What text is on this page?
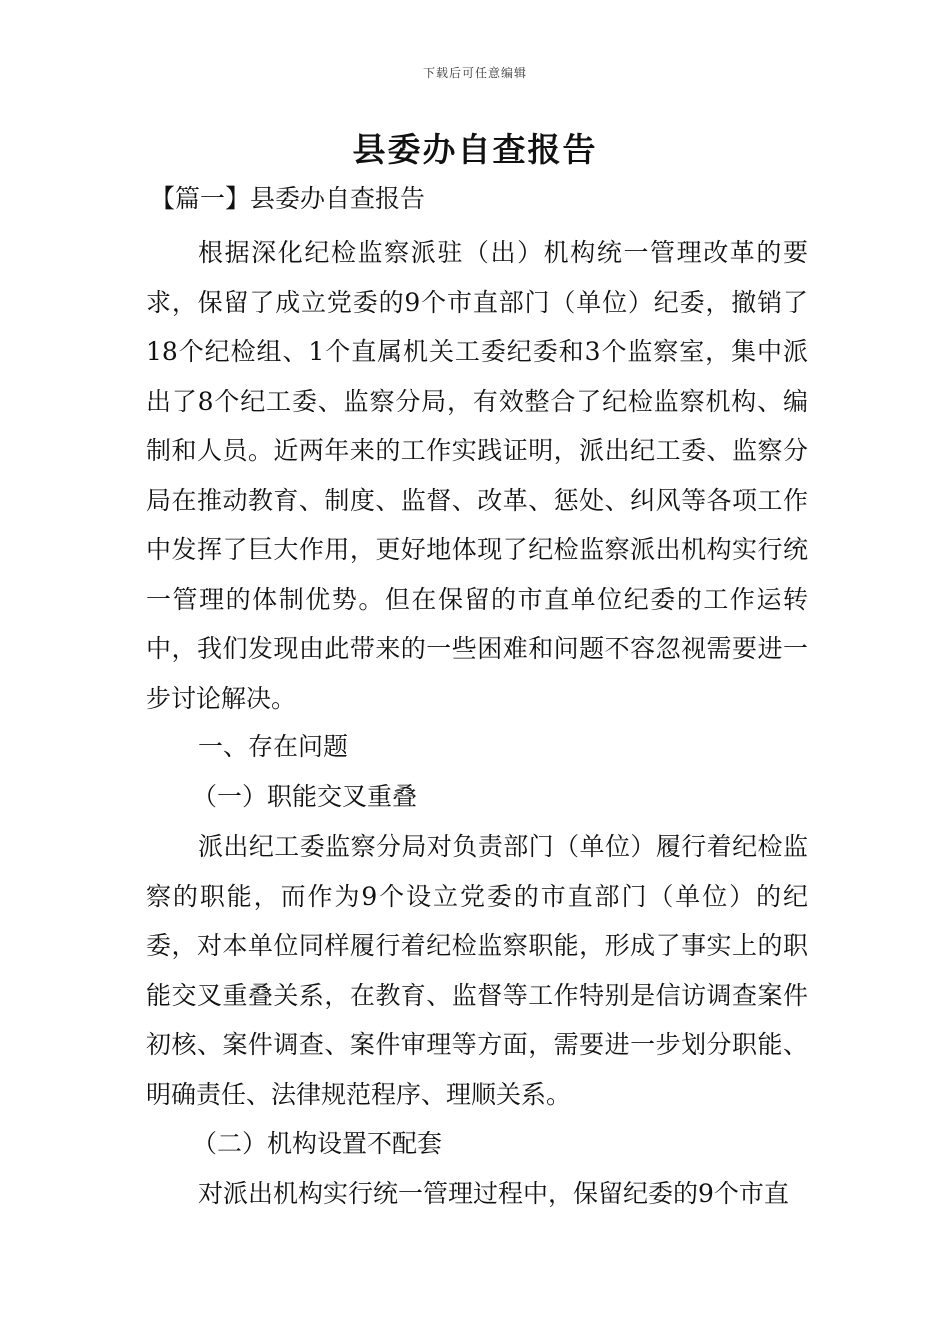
下载后可任意编辑
县委办自查报告

【篇一】县委办自查报告

根据深化纪检监察派驻（出）机构统一管理改革的要求，保留了成立党委的9个市直部门（单位）纪委，撤销了18个纪检组、1个直属机关工委纪委和3个监察室，集中派出了8个纪工委、监察分局，有效整合了纪检监察机构、编制和人员。近两年来的工作实践证明，派出纪工委、监察分局在推动教育、制度、监督、改革、惩处、纠风等各项工作中发挥了巨大作用，更好地体现了纪检监察派出机构实行统一管理的体制优势。但在保留的市直单位纪委的工作运转中，我们发现由此带来的一些困难和问题不容忽视需要进一步讨论解决。

一、存在问题

（一）职能交叉重叠

派出纪工委监察分局对负责部门（单位）履行着纪检监察的职能，而作为9个设立党委的市直部门（单位）的纪委，对本单位同样履行着纪检监察职能，形成了事实上的职能交叉重叠关系，在教育、监督等工作特别是信访调查案件初核、案件调查、案件审理等方面，需要进一步划分职能、明确责任、法律规范程序、理顺关系。

（二）机构设置不配套

对派出机构实行统一管理过程中，保留纪委的9个市直
